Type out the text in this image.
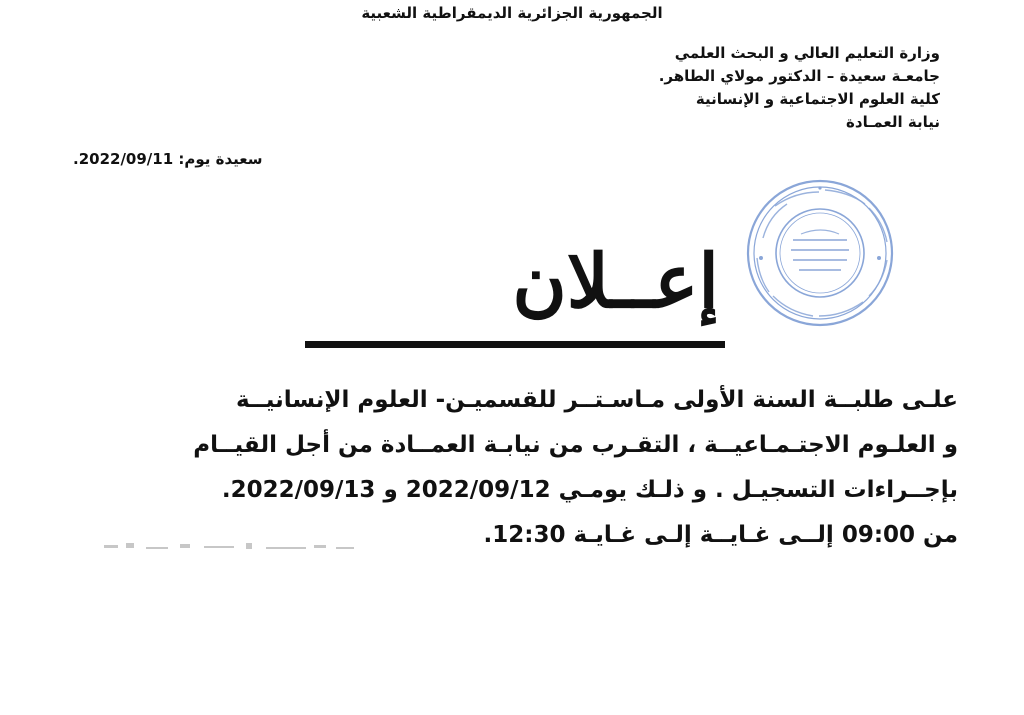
الجمهورية الجزائرية الديمقراطية الشعبية
وزارة التعليم العالي و البحث العلمي
جامعـة سعيدة – الدكتور مولاي الطاهر.
كلية العلوم الاجتماعية و الإنسانية
نيابة العمـادة
سعيدة يوم: 2022/09/11.
إعــلان

علـى طلبــة السنة الأولى مـاسـتــر للقسميـن- العلوم الإنسانيــة

و العلـوم الاجتـمـاعيــة ، التقـرب من نيابـة العمــادة من أجل القيــام

بإجــراءات التسجيـل . و ذلـك يومـي 2022/09/12 و 2022/09/13.

من 09:00 إلــى غـايــة إلـى غـايـة 12:30.
